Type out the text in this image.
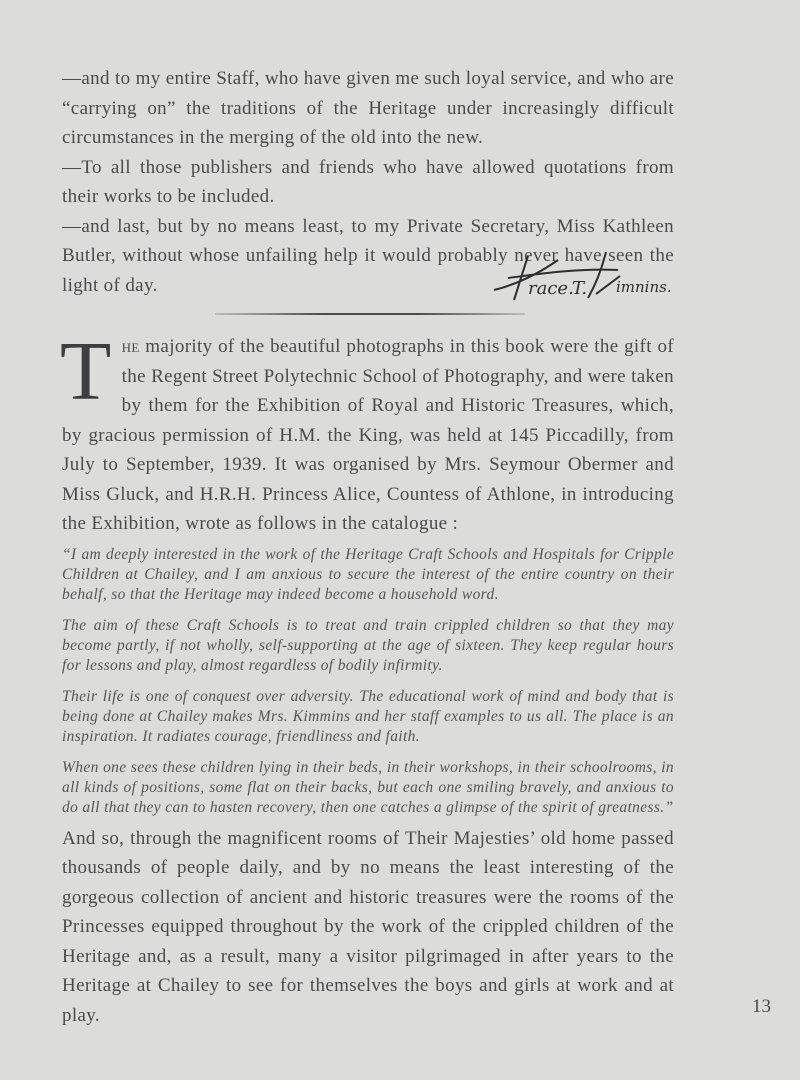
—and to my entire Staff, who have given me such loyal service, and who are “carrying on” the traditions of the Heritage under increasingly difficult circumstances in the merging of the old into the new.

—To all those publishers and friends who have allowed quotations from their works to be included.

—and last, but by no means least, to my Private Secretary, Miss Kathleen Butler, without whose unfailing help it would probably never have seen the light of day.	race.
T. imnins.

The majority of the beautiful photographs in this book were the gift of the Regent Street Polytechnic School of Photography, and were taken by them for the Exhibition of Royal and Historic Treasures, which, by gracious permission of H.M. the King, was held at 145 Piccadilly, from July to September, 1939. It was organised by Mrs. Seymour Obermer and Miss Gluck, and H.R.H. Princess Alice, Countess of Athlone, in introducing the Exhibition, wrote as follows in the catalogue :

“I am deeply interested in the work of the Heritage Craft Schools and Hospitals for Cripple Children at Chailey, and I am anxious to secure the interest of the entire country on their behalf, so that the Heritage may indeed become a household word.

The aim of these Craft Schools is to treat and train crippled children so that they may become partly, if not wholly, self-supporting at the age of sixteen. They keep regular hours for lessons and play, almost regardless of bodily infirmity.

Their life is one of conquest over adversity. The educational work of mind and body that is being done at Chailey makes Mrs. Kimmins and her staff examples to us all. The place is an inspiration. It radiates courage, friendliness and faith.

When one sees these children lying in their beds, in their workshops, in their schoolrooms, in all kinds of positions, some flat on their backs, but each one smiling bravely, and anxious to do all that they can to hasten recovery, then one catches a glimpse of the spirit of greatness.”

And so, through the magnificent rooms of Their Majesties’ old home passed thousands of people daily, and by no means the least interesting of the gorgeous collection of ancient and historic treasures were the rooms of the Princesses equipped throughout by the work of the crippled children of the Heritage and, as a result, many a visitor pilgrimaged in after years to the Heritage at Chailey to see for themselves the boys and girls at work and at play.	13
